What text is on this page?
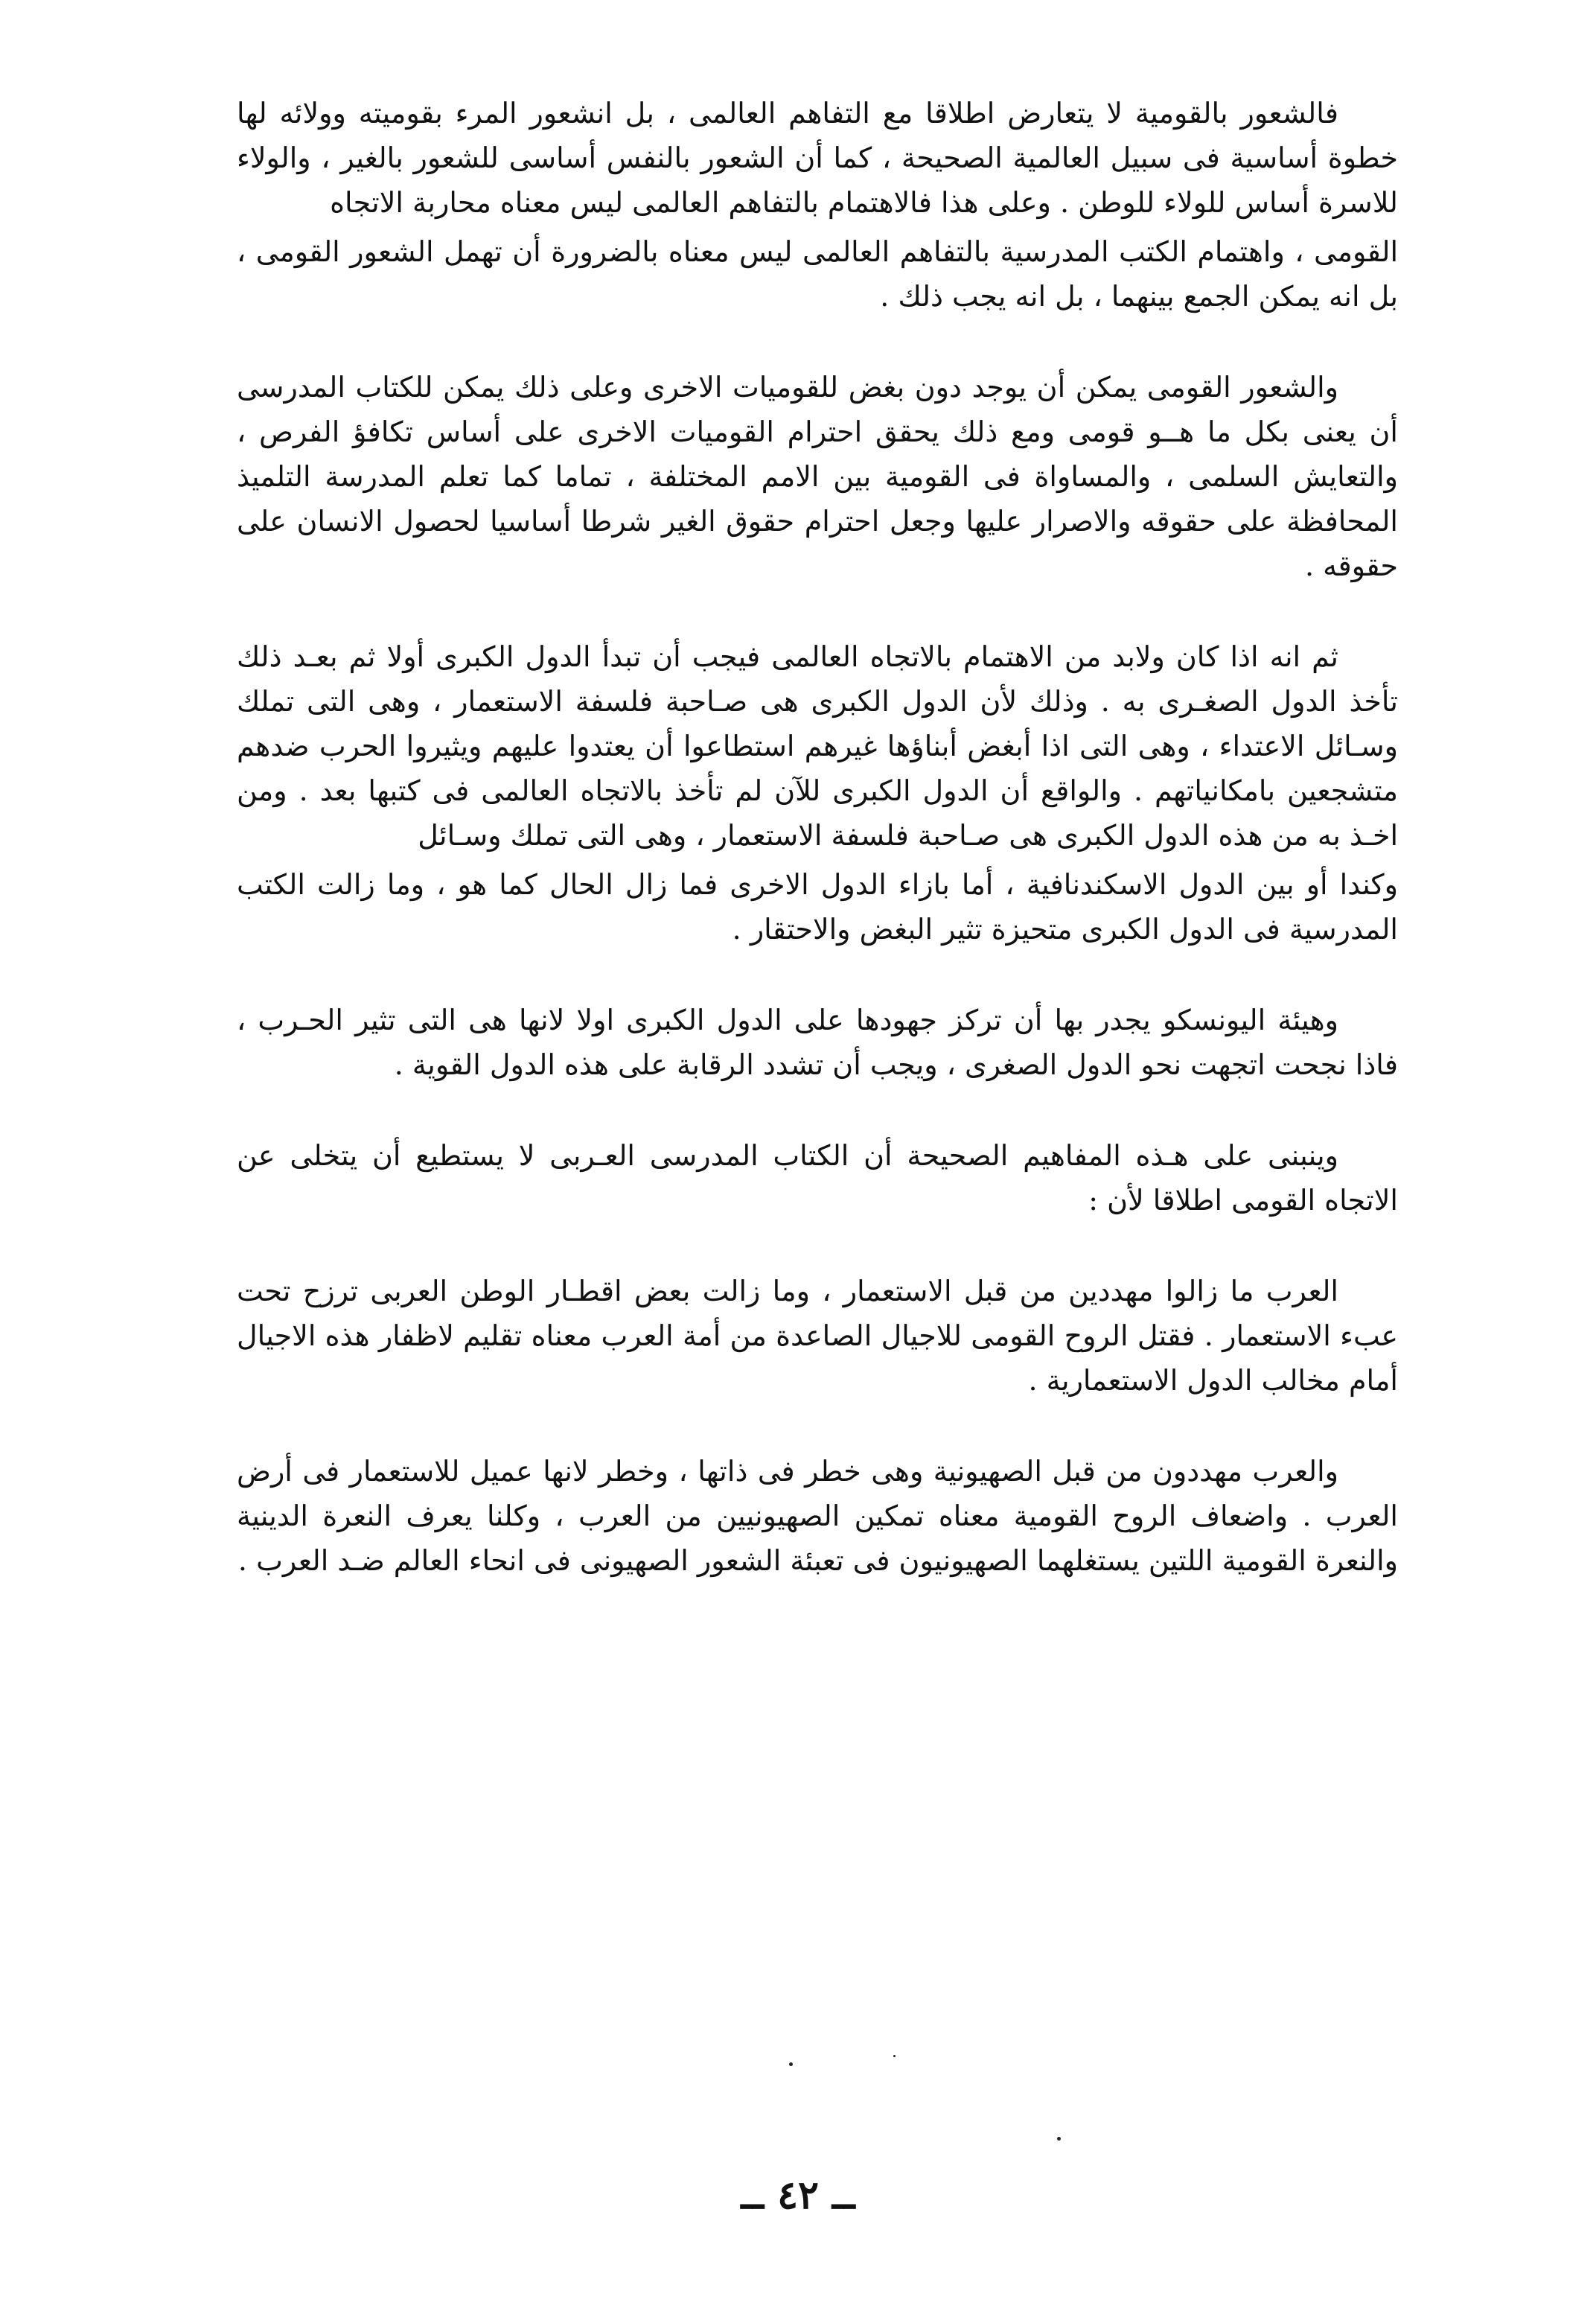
فالشعور بالقومية لا يتعارض اطلاقا مع التفاهم العالمى ، بل انشعور المرء بقوميته وولائه لها خطوة أساسية فى سبيل العالمية الصحيحة ، كما أن الشعور بالنفس أساسى للشعور بالغير ، والولاء للاسرة أساس للولاء للوطن . وعلى هذا فالاهتمام بالتفاهم العالمى ليس معناه محاربة الاتجاه

القومى ، واهتمام الكتب المدرسية بالتفاهم العالمى ليس معناه بالضرورة أن تهمل الشعور القومى ، بل انه يمكن الجمع بينهما ، بل انه يجب ذلك .

والشعور القومى يمكن أن يوجد دون بغض للقوميات الاخرى وعلى ذلك يمكن للكتاب المدرسى أن يعنى بكل ما هــو قومى ومع ذلك يحقق احترام القوميات الاخرى على أساس تكافؤ الفرص ، والتعايش السلمى ، والمساواة فى القومية بين الامم المختلفة ، تماما كما تعلم المدرسة التلميذ المحافظة على حقوقه والاصرار عليها وجعل احترام حقوق الغير شرطا أساسيا لحصول الانسان على حقوقه .

ثم انه اذا كان ولابد من الاهتمام بالاتجاه العالمى فيجب أن تبدأ الدول الكبرى أولا ثم بعـد ذلك تأخذ الدول الصغـرى به . وذلك لأن الدول الكبرى هى صـاحبة فلسفة الاستعمار ، وهى التى تملك وسـائل الاعتداء ، وهى التى اذا أبغض أبناؤها غيرهم استطاعوا أن يعتدوا عليهم ويثيروا الحرب ضدهم متشجعين بامكانياتهم . والواقع أن الدول الكبرى للآن لم تأخذ بالاتجاه العالمى فى كتبها بعد . ومن اخـذ به من هذه الدول الكبرى هى صـاحبة فلسفة الاستعمار ، وهى التى تملك وسـائل

وكندا أو بين الدول الاسكندنافية ، أما بازاء الدول الاخرى فما زال الحال كما هو ، وما زالت الكتب المدرسية فى الدول الكبرى متحيزة تثير البغض والاحتقار .

وهيئة اليونسكو يجدر بها أن تركز جهودها على الدول الكبرى اولا لانها هى التى تثير الحـرب ، فاذا نجحت اتجهت نحو الدول الصغرى ، ويجب أن تشدد الرقابة على هذه الدول القوية .

وينبنى على هـذه المفاهيم الصحيحة أن الكتاب المدرسى العـربى لا يستطيع أن يتخلى عن الاتجاه القومى اطلاقا لأن :

العرب ما زالوا مهددين من قبل الاستعمار ، وما زالت بعض اقطـار الوطن العربى ترزح تحت عبء الاستعمار . فقتل الروح القومى للاجيال الصاعدة من أمة العرب معناه تقليم لاظفار هذه الاجيال أمام مخالب الدول الاستعمارية .

والعرب مهددون من قبل الصهيونية وهى خطر فى ذاتها ، وخطر لانها عميل للاستعمار فى أرض العرب . واضعاف الروح القومية معناه تمكين الصهيونيين من العرب ، وكلنا يعرف النعرة الدينية والنعرة القومية اللتين يستغلهما الصهيونيون فى تعبئة الشعور الصهيونى فى انحاء العالم ضـد العرب .

ــ ٤٢ ــ
